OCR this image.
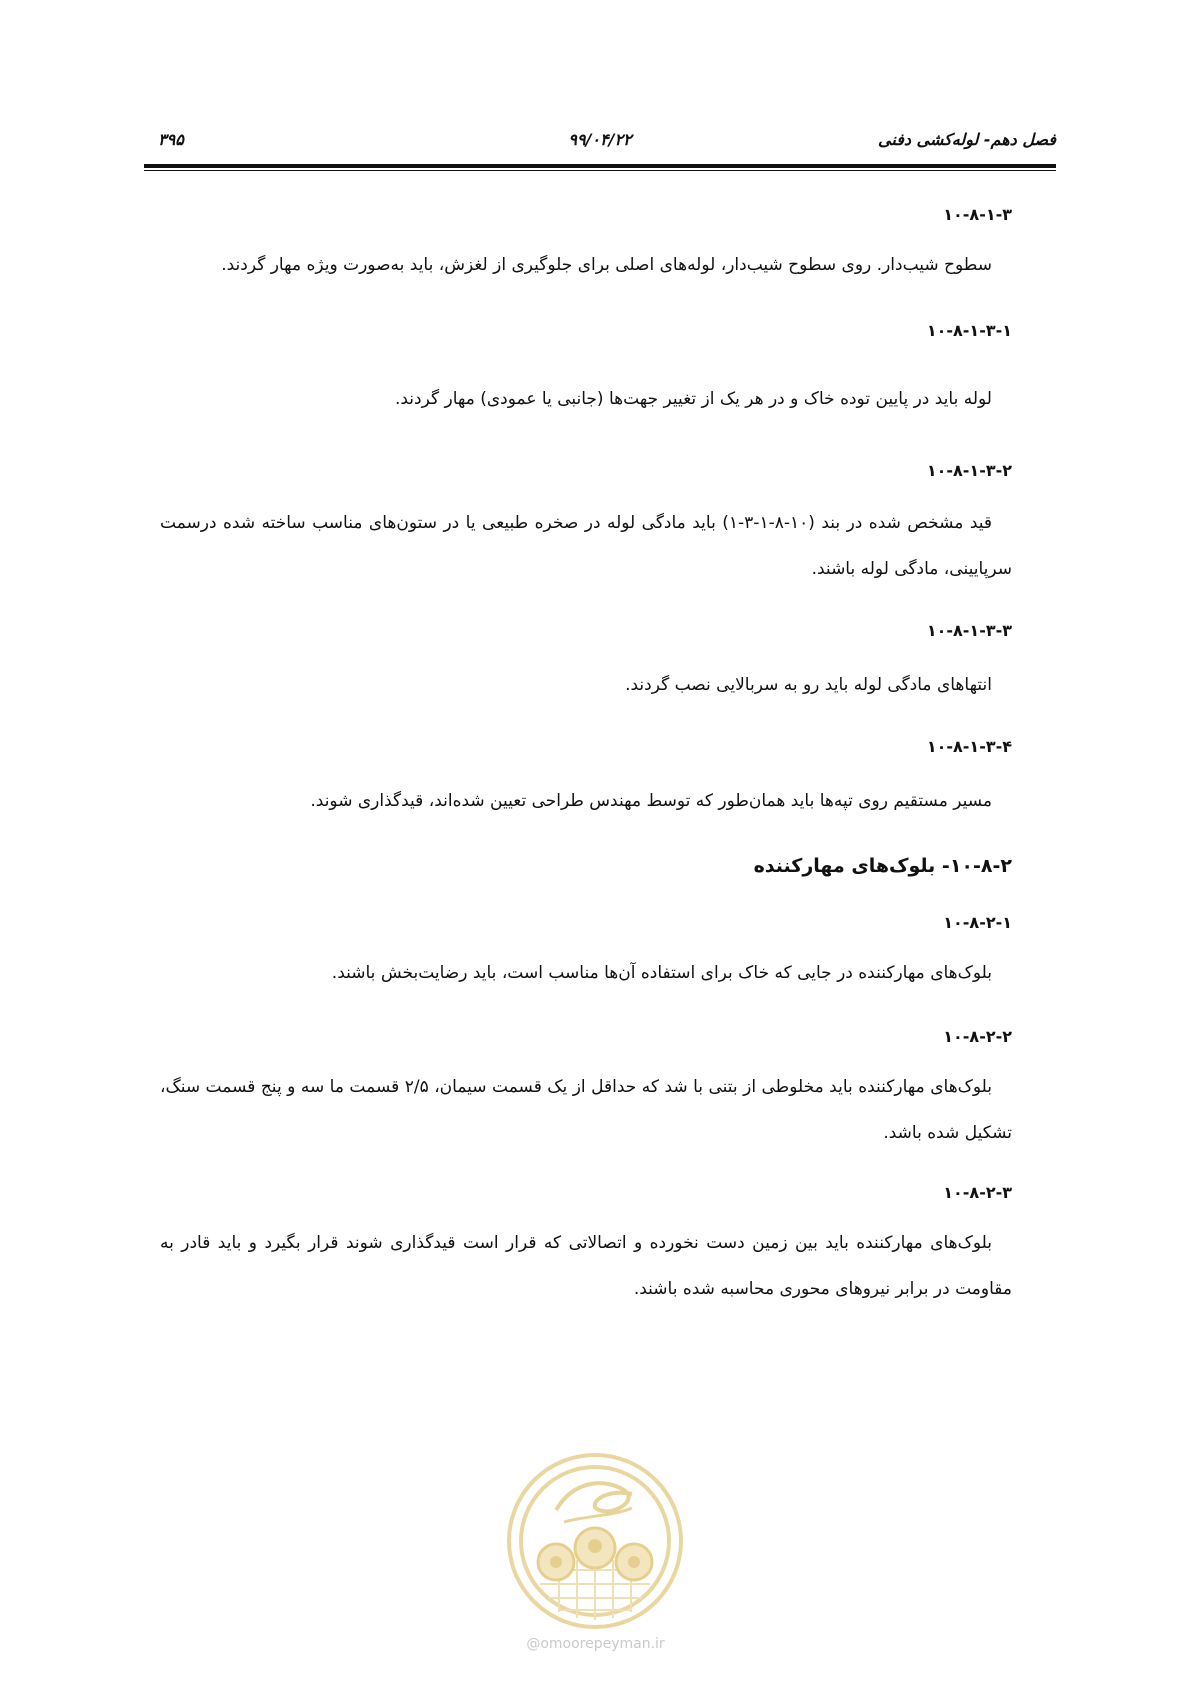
فصل دهم- لوله‌کشی دفنی
۹۹/۰۴/۲۲
۳۹۵
۱۰-۸-۱-۳

سطوح شیب‌دار. روی سطوح شیب‌دار، لوله‌های اصلی برای جلوگیری از لغزش، باید به‌صورت ویژه مهار گردند.

۱۰-۸-۱-۳-۱

لوله باید در پایین توده خاک و در هر یک از تغییر جهت‌ها (جانبی یا عمودی) مهار گردند.

۱۰-۸-۱-۳-۲

قید مشخص شده در بند (۱۰-۸-۱-۳-۱) باید مادگی لوله در صخره طبیعی یا در ستون‌های مناسب ساخته شده درسمت سرپایینی، مادگی لوله باشند.

۱۰-۸-۱-۳-۳

انتهاهای مادگی لوله باید رو به سربالایی نصب گردند.

۱۰-۸-۱-۳-۴

مسیر مستقیم روی تپه‌ها باید همان‌طور که توسط مهندس طراحی تعیین شده‌اند، قیدگذاری شوند.

۱۰-۸-۲- بلوک‌های مهارکننده
۱۰-۸-۲-۱

بلوک‌های مهارکننده در جایی که خاک برای استفاده آن‌ها مناسب است، باید رضایت‌بخش باشند.

۱۰-۸-۲-۲

بلوک‌های مهارکننده باید مخلوطی از بتنی با شد که حداقل از یک قسمت سیمان، ۲/۵ قسمت ما سه و پنج قسمت سنگ، تشکیل شده باشد.

۱۰-۸-۲-۳

بلوک‌های مهارکننده باید بین زمین دست نخورده و اتصالاتی که قرار است قیدگذاری شوند قرار بگیرد و باید قادر به مقاومت در برابر نیروهای محوری محاسبه شده باشند.

@omoorepeyman.ir
